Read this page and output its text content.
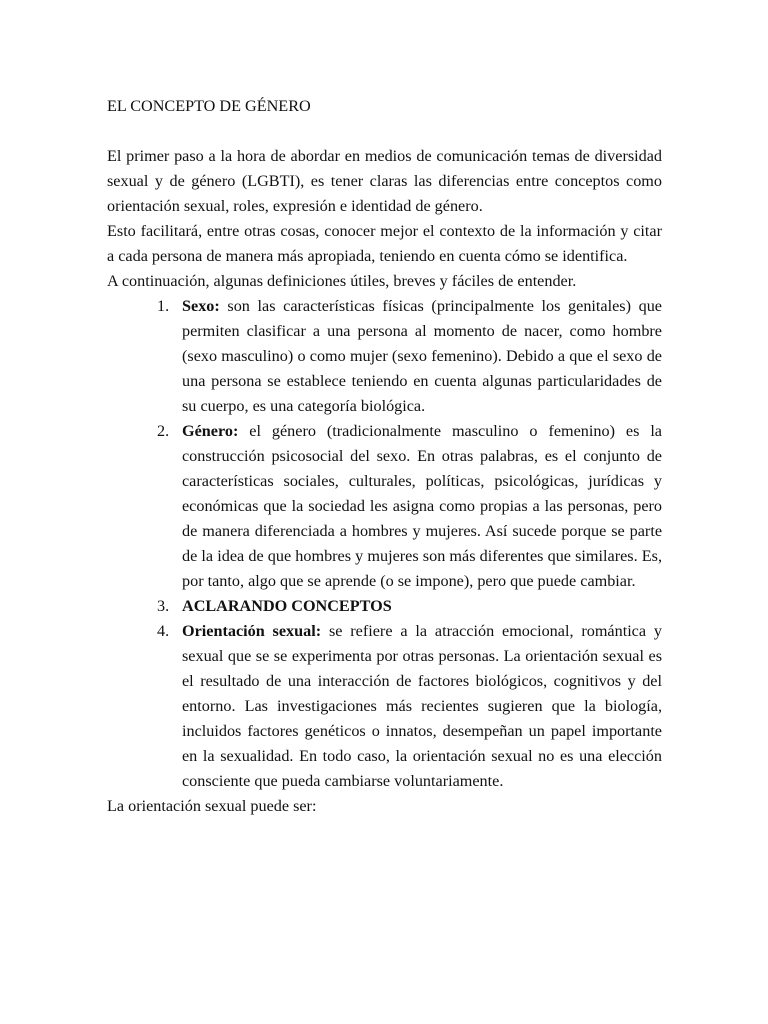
EL CONCEPTO DE GÉNERO

El primer paso a la hora de abordar en medios de comunicación temas de diversidad sexual y de género (LGBTI), es tener claras las diferencias entre conceptos como orientación sexual, roles, expresión e identidad de género.

Esto facilitará, entre otras cosas, conocer mejor el contexto de la información y citar a cada persona de manera más apropiada, teniendo en cuenta cómo se identifica.

A continuación, algunas definiciones útiles, breves y fáciles de entender.

1. Sexo: son las características físicas (principalmente los genitales) que permiten clasificar a una persona al momento de nacer, como hombre (sexo masculino) o como mujer (sexo femenino). Debido a que el sexo de una persona se establece teniendo en cuenta algunas particularidades de su cuerpo, es una categoría biológica.
2. Género: el género (tradicionalmente masculino o femenino) es la construcción psicosocial del sexo. En otras palabras, es el conjunto de características sociales, culturales, políticas, psicológicas, jurídicas y económicas que la sociedad les asigna como propias a las personas, pero de manera diferenciada a hombres y mujeres. Así sucede porque se parte de la idea de que hombres y mujeres son más diferentes que similares. Es, por tanto, algo que se aprende (o se impone), pero que puede cambiar.
3. ACLARANDO CONCEPTOS
4. Orientación sexual: se refiere a la atracción emocional, romántica y sexual que se se experimenta por otras personas. La orientación sexual es el resultado de una interacción de factores biológicos, cognitivos y del entorno. Las investigaciones más recientes sugieren que la biología, incluidos factores genéticos o innatos, desempeñan un papel importante en la sexualidad. En todo caso, la orientación sexual no es una elección consciente que pueda cambiarse voluntariamente.

La orientación sexual puede ser:
